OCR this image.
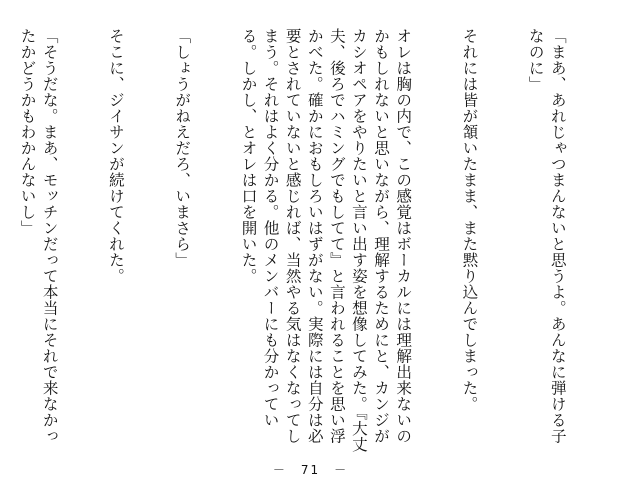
「まあ、あれじゃつまんないと思うよ。あんなに弾ける子なのに」

それには皆が頷いたまま、また黙り込んでしまった。

オレは胸の内で、この感覚はボーカルには理解出来ないのかもしれないと思いながら、理解するためにと、カンジがカシオペアをやりたいと言い出す姿を想像してみた。『大丈夫、後ろでハミングでもしてて』と言われることを思い浮かべた。確かにおもしろいはずがない。実際には自分は必要とされていないと感じれば、当然やる気はなくなってしまう。それはよく分かる。他のメンバーにも分かっている。しかし、とオレは口を開いた。

「しょうがねえだろ、いまさら」

そこに、ジイサンが続けてくれた。

「そうだな。まあ、モッチンだって本当にそれで来なかったかどうかもわかんないし」

－　71　－
